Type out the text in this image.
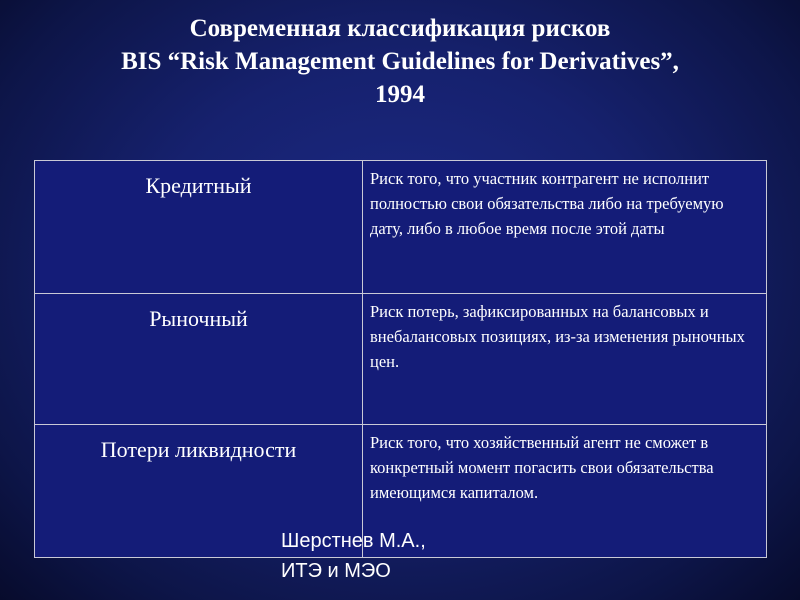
Современная классификация рисков
BIS “Risk Management Guidelines for Derivatives”,
1994
Кредитный	Риск того, что участник контрагент не исполнит полностью свои обязательства либо на требуемую дату, либо в любое время после этой даты
Рыночный	Риск потерь, зафиксированных на балансовых и внебалансовых позициях, из-за изменения рыночных цен.
Потери ликвидности	Риск того, что хозяйственный агент не сможет в конкретный момент погасить свои обязательства имеющимся капиталом.
Шерстнев М.А.,
ИТЭ и МЭО
